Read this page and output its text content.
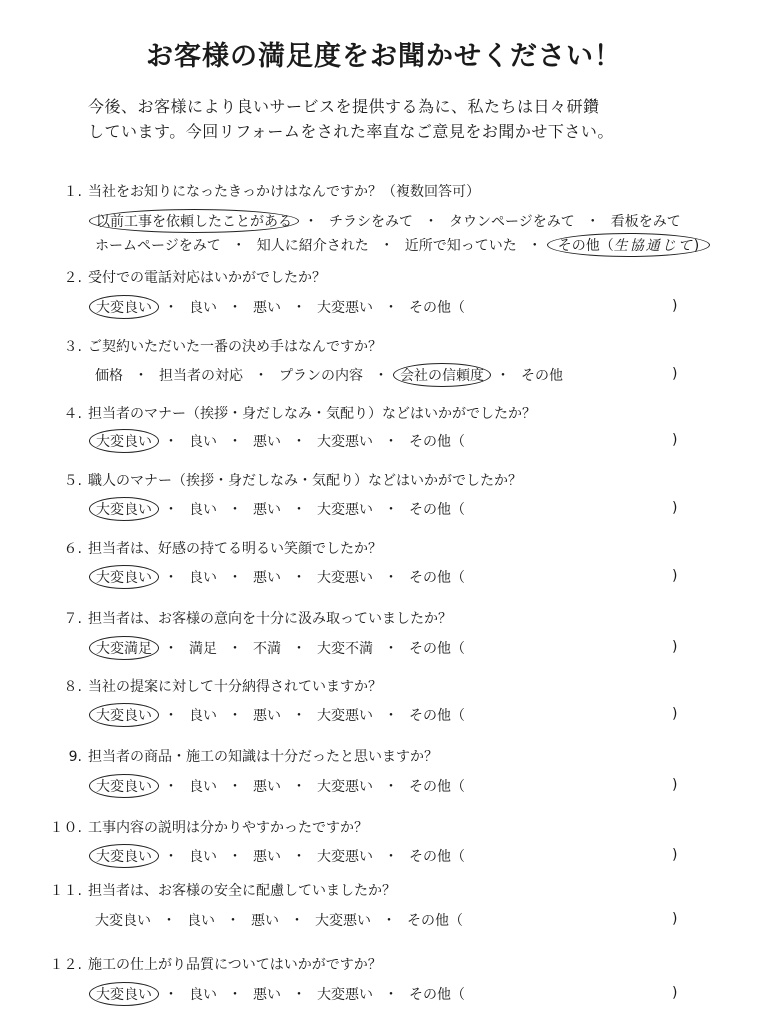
お客様の満足度をお聞かせください！
今後、お客様により良いサービスを提供する為に、私たちは日々研鑽
しています。今回リフォームをされた率直なご意見をお聞かせ下さい。
１. 当社をお知りになったきっかけはなんですか？（複数回答可）
以前工事を依頼したことがある ・ チラシをみて ・ タウンページをみて ・ 看板をみて
ホームページをみて ・ 知人に紹介された ・ 近所で知っていた ・ その他（生協通じて)
２. 受付での電話対応はいかがでしたか？
大変良い ・ 良い ・ 悪い ・ 大変悪い ・ その他（	)
３. ご契約いただいた一番の決め手はなんですか？
価格 ・ 担当者の対応 ・ プランの内容 ・ 会社の信頼度 ・ その他	)
４. 担当者のマナー（挨拶・身だしなみ・気配り）などはいかがでしたか？
大変良い ・ 良い ・ 悪い ・ 大変悪い ・ その他（	)
５. 職人のマナー（挨拶・身だしなみ・気配り）などはいかがでしたか？
大変良い ・ 良い ・ 悪い ・ 大変悪い ・ その他（	)
６. 担当者は、好感の持てる明るい笑顔でしたか？
大変良い ・ 良い ・ 悪い ・ 大変悪い ・ その他（	)
７. 担当者は、お客様の意向を十分に汲み取っていましたか？
大変満足 ・ 満足 ・ 不満 ・ 大変不満 ・ その他（	)
８. 当社の提案に対して十分納得されていますか？
大変良い ・ 良い ・ 悪い ・ 大変悪い ・ その他（	)
9. 担当者の商品・施工の知識は十分だったと思いますか？
大変良い ・ 良い ・ 悪い ・ 大変悪い ・ その他（	)
１０. 工事内容の説明は分かりやすかったですか？
大変良い ・ 良い ・ 悪い ・ 大変悪い ・ その他（	)
１１. 担当者は、お客様の安全に配慮していましたか？
大変良い ・ 良い ・ 悪い ・ 大変悪い ・ その他（	)
１２. 施工の仕上がり品質についてはいかがですか？
大変良い ・ 良い ・ 悪い ・ 大変悪い ・ その他（	)
